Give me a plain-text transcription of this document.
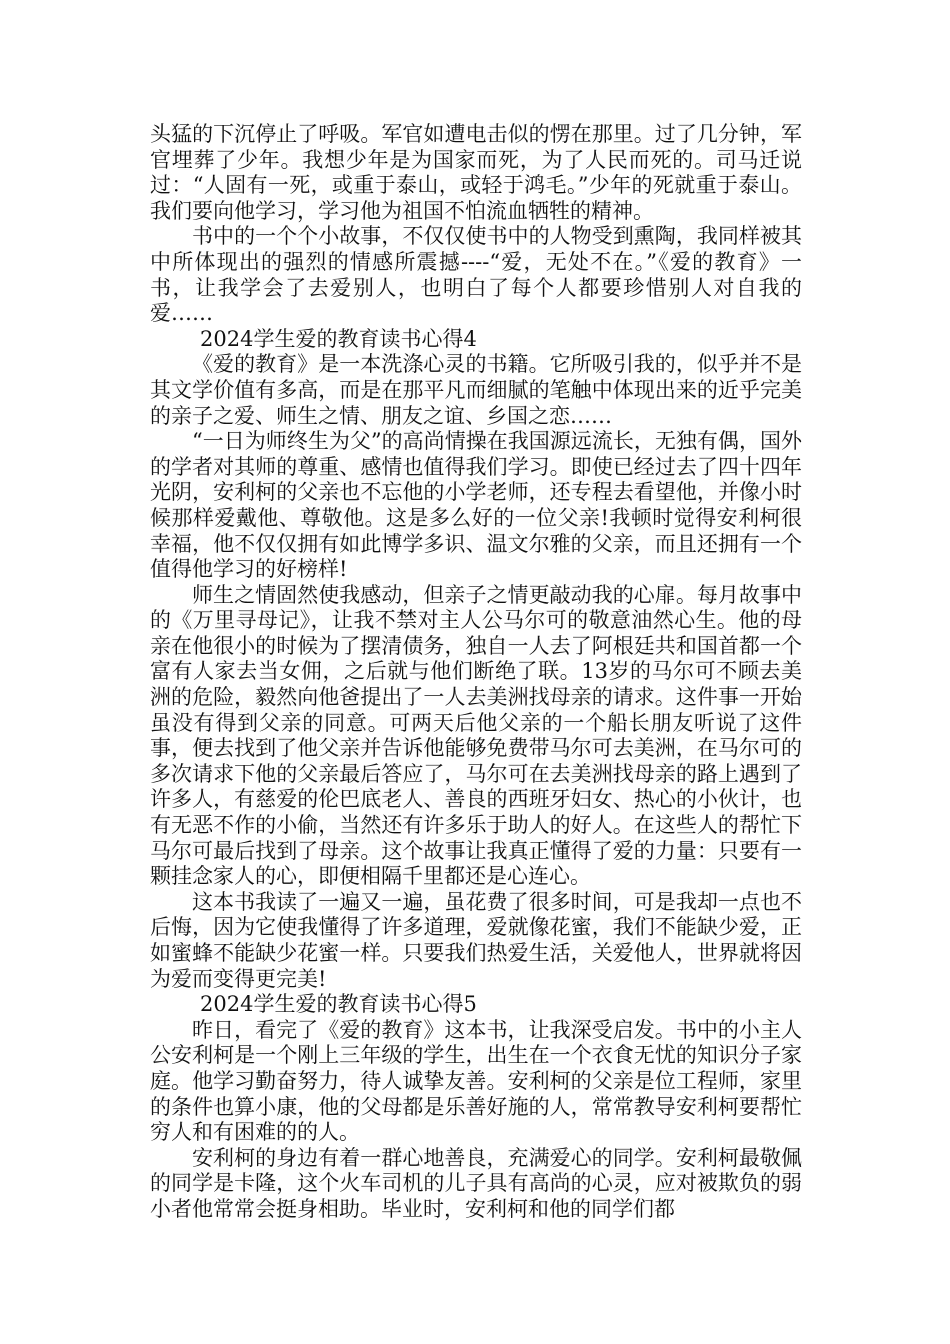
头猛的下沉停止了呼吸。军官如遭电击似的愣在那里。过了几分钟，军官埋葬了少年。我想少年是为国家而死，为了人民而死的。司马迁说过：“人固有一死，或重于泰山，或轻于鸿毛。”少年的死就重于泰山。我们要向他学习，学习他为祖国不怕流血牺牲的精神。

书中的一个个小故事，不仅仅使书中的人物受到熏陶，我同样被其中所体现出的强烈的情感所震撼----“爱，无处不在。”《爱的教育》一书，让我学会了去爱别人，也明白了每个人都要珍惜别人对自我的爱……

2024学生爱的教育读书心得4

《爱的教育》是一本洗涤心灵的书籍。它所吸引我的，似乎并不是其文学价值有多高，而是在那平凡而细腻的笔触中体现出来的近乎完美的亲子之爱、师生之情、朋友之谊、乡国之恋……

“一日为师终生为父”的高尚情操在我国源远流长，无独有偶，国外的学者对其师的尊重、感情也值得我们学习。即使已经过去了四十四年光阴，安利柯的父亲也不忘他的小学老师，还专程去看望他，并像小时候那样爱戴他、尊敬他。这是多么好的一位父亲!我顿时觉得安利柯很幸福，他不仅仅拥有如此博学多识、温文尔雅的父亲，而且还拥有一个值得他学习的好榜样!

师生之情固然使我感动，但亲子之情更敲动我的心扉。每月故事中的《万里寻母记》，让我不禁对主人公马尔可的敬意油然心生。他的母亲在他很小的时候为了摆清债务，独自一人去了阿根廷共和国首都一个富有人家去当女佣，之后就与他们断绝了联。13岁的马尔可不顾去美洲的危险，毅然向他爸提出了一人去美洲找母亲的请求。这件事一开始虽没有得到父亲的同意。可两天后他父亲的一个船长朋友听说了这件事，便去找到了他父亲并告诉他能够免费带马尔可去美洲，在马尔可的多次请求下他的父亲最后答应了，马尔可在去美洲找母亲的路上遇到了许多人，有慈爱的伦巴底老人、善良的西班牙妇女、热心的小伙计，也有无恶不作的小偷，当然还有许多乐于助人的好人。在这些人的帮忙下马尔可最后找到了母亲。这个故事让我真正懂得了爱的力量：只要有一颗挂念家人的心，即便相隔千里都还是心连心。

这本书我读了一遍又一遍，虽花费了很多时间，可是我却一点也不后悔，因为它使我懂得了许多道理，爱就像花蜜，我们不能缺少爱，正如蜜蜂不能缺少花蜜一样。只要我们热爱生活，关爱他人，世界就将因为爱而变得更完美!

2024学生爱的教育读书心得5

昨日，看完了《爱的教育》这本书，让我深受启发。书中的小主人公安利柯是一个刚上三年级的学生，出生在一个衣食无忧的知识分子家庭。他学习勤奋努力，待人诚挚友善。安利柯的父亲是位工程师，家里的条件也算小康，他的父母都是乐善好施的人，常常教导安利柯要帮忙穷人和有困难的的人。

安利柯的身边有着一群心地善良，充满爱心的同学。安利柯最敬佩的同学是卡隆，这个火车司机的儿子具有高尚的心灵，应对被欺负的弱小者他常常会挺身相助。毕业时，安利柯和他的同学们都
